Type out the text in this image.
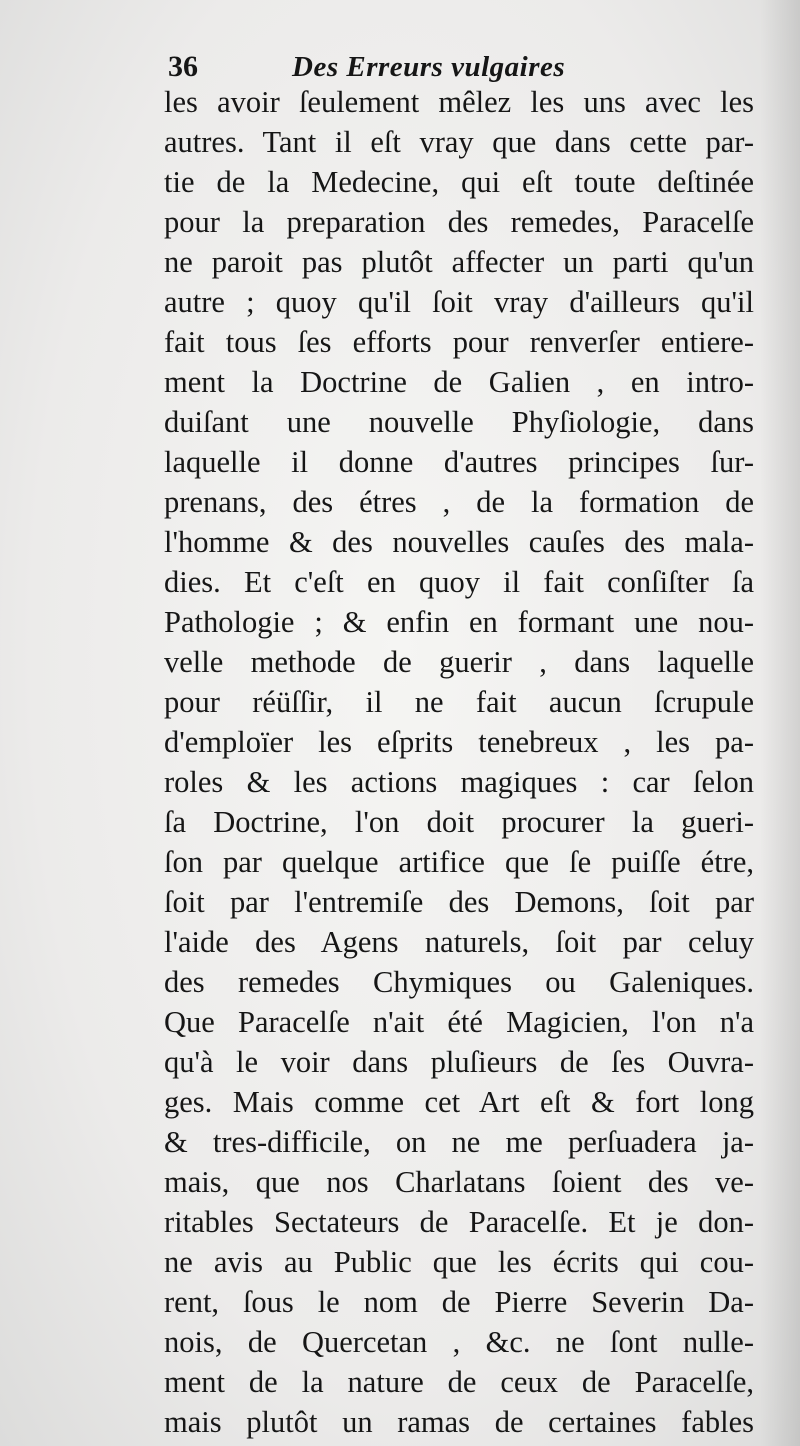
36	Des Erreurs vulgaires
les avoir ſeulement mêlez les uns avec les
autres. Tant il eſt vray que dans cette par-
tie de la Medecine, qui eſt toute deſtinée
pour la preparation des remedes, Paracelſe
ne paroit pas plutôt affecter un parti qu'un
autre ; quoy qu'il ſoit vray d'ailleurs qu'il
fait tous ſes efforts pour renverſer entiere-
ment la Doctrine de Galien , en intro-
duiſant une nouvelle Phyſiologie, dans
laquelle il donne d'autres principes ſur-
prenans, des étres , de la formation de
l'homme & des nouvelles cauſes des mala-
dies. Et c'eſt en quoy il fait conſiſter ſa
Pathologie ; & enfin en formant une nou-
velle methode de guerir , dans laquelle
pour réüſſir, il ne fait aucun ſcrupule
d'emploïer les eſprits tenebreux , les pa-
roles & les actions magiques : car ſelon
ſa Doctrine, l'on doit procurer la gueri-
ſon par quelque artifice que ſe puiſſe étre,
ſoit par l'entremiſe des Demons, ſoit par
l'aide des Agens naturels, ſoit par celuy
des remedes Chymiques ou Galeniques.
Que Paracelſe n'ait été Magicien, l'on n'a
qu'à le voir dans pluſieurs de ſes Ouvra-
ges. Mais comme cet Art eſt & fort long
& tres-difficile, on ne me perſuadera ja-
mais, que nos Charlatans ſoient des ve-
ritables Sectateurs de Paracelſe. Et je don-
ne avis au Public que les écrits qui cou-
rent, ſous le nom de Pierre Severin Da-
nois, de Quercetan , &c. ne ſont nulle-
ment de la nature de ceux de Paracelſe,
mais plutôt un ramas de certaines fables
